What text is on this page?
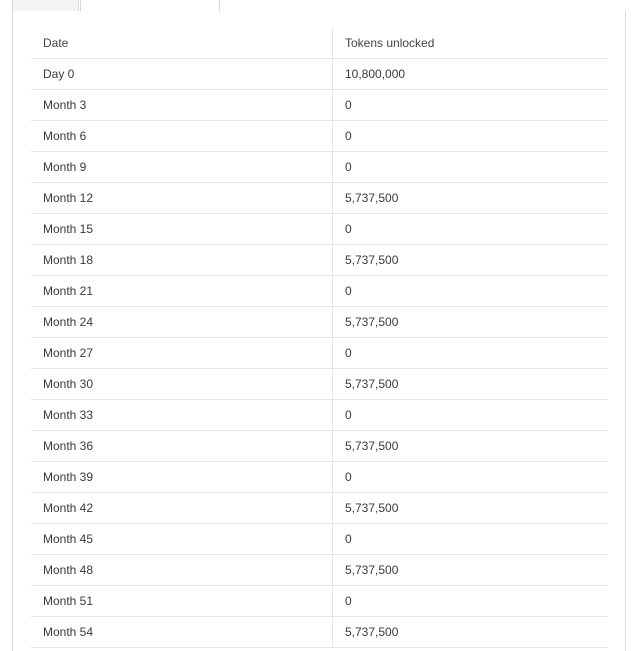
Date	Tokens unlocked
Day 0	10,800,000
Month 3	0
Month 6	0
Month 9	0
Month 12	5,737,500
Month 15	0
Month 18	5,737,500
Month 21	0
Month 24	5,737,500
Month 27	0
Month 30	5,737,500
Month 33	0
Month 36	5,737,500
Month 39	0
Month 42	5,737,500
Month 45	0
Month 48	5,737,500
Month 51	0
Month 54	5,737,500
